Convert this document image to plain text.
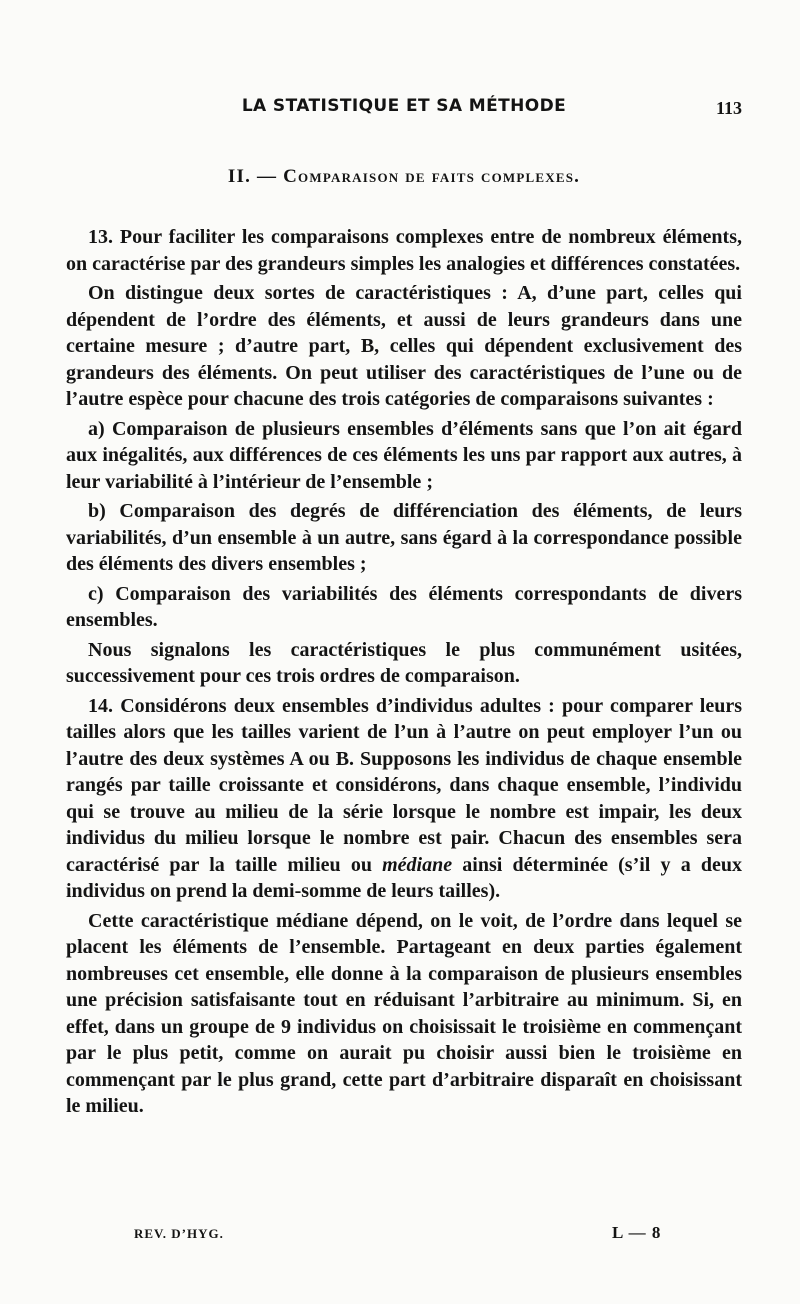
LA STATISTIQUE ET SA MÉTHODE	113
II. — Comparaison de faits complexes.

13. Pour faciliter les comparaisons complexes entre de nombreux éléments, on caractérise par des grandeurs simples les analogies et différences constatées.

On distingue deux sortes de caractéristiques : A, d’une part, celles qui dépendent de l’ordre des éléments, et aussi de leurs grandeurs dans une certaine mesure ; d’autre part, B, celles qui dépendent exclusivement des grandeurs des éléments. On peut utiliser des caractéristiques de l’une ou de l’autre espèce pour chacune des trois catégories de comparaisons suivantes :

a) Comparaison de plusieurs ensembles d’éléments sans que l’on ait égard aux inégalités, aux différences de ces éléments les uns par rapport aux autres, à leur variabilité à l’intérieur de l’ensemble ;

b) Comparaison des degrés de différenciation des éléments, de leurs variabilités, d’un ensemble à un autre, sans égard à la correspondance possible des éléments des divers ensembles ;

c) Comparaison des variabilités des éléments correspondants de divers ensembles.

Nous signalons les caractéristiques le plus communément usitées, successivement pour ces trois ordres de comparaison.

14. Considérons deux ensembles d’individus adultes : pour comparer leurs tailles alors que les tailles varient de l’un à l’autre on peut employer l’un ou l’autre des deux systèmes A ou B. Supposons les individus de chaque ensemble rangés par taille croissante et considérons, dans chaque ensemble, l’individu qui se trouve au milieu de la série lorsque le nombre est impair, les deux individus du milieu lorsque le nombre est pair. Chacun des ensembles sera caractérisé par la taille milieu ou médiane ainsi déterminée (s’il y a deux individus on prend la demi-somme de leurs tailles).

Cette caractéristique médiane dépend, on le voit, de l’ordre dans lequel se placent les éléments de l’ensemble. Partageant en deux parties également nombreuses cet ensemble, elle donne à la comparaison de plusieurs ensembles une précision satisfaisante tout en réduisant l’arbitraire au minimum. Si, en effet, dans un groupe de 9 individus on choisissait le troisième en commençant par le plus petit, comme on aurait pu choisir aussi bien le troisième en commençant par le plus grand, cette part d’arbitraire disparaît en choisissant le milieu.

REV. D’HYG.	L — 8
